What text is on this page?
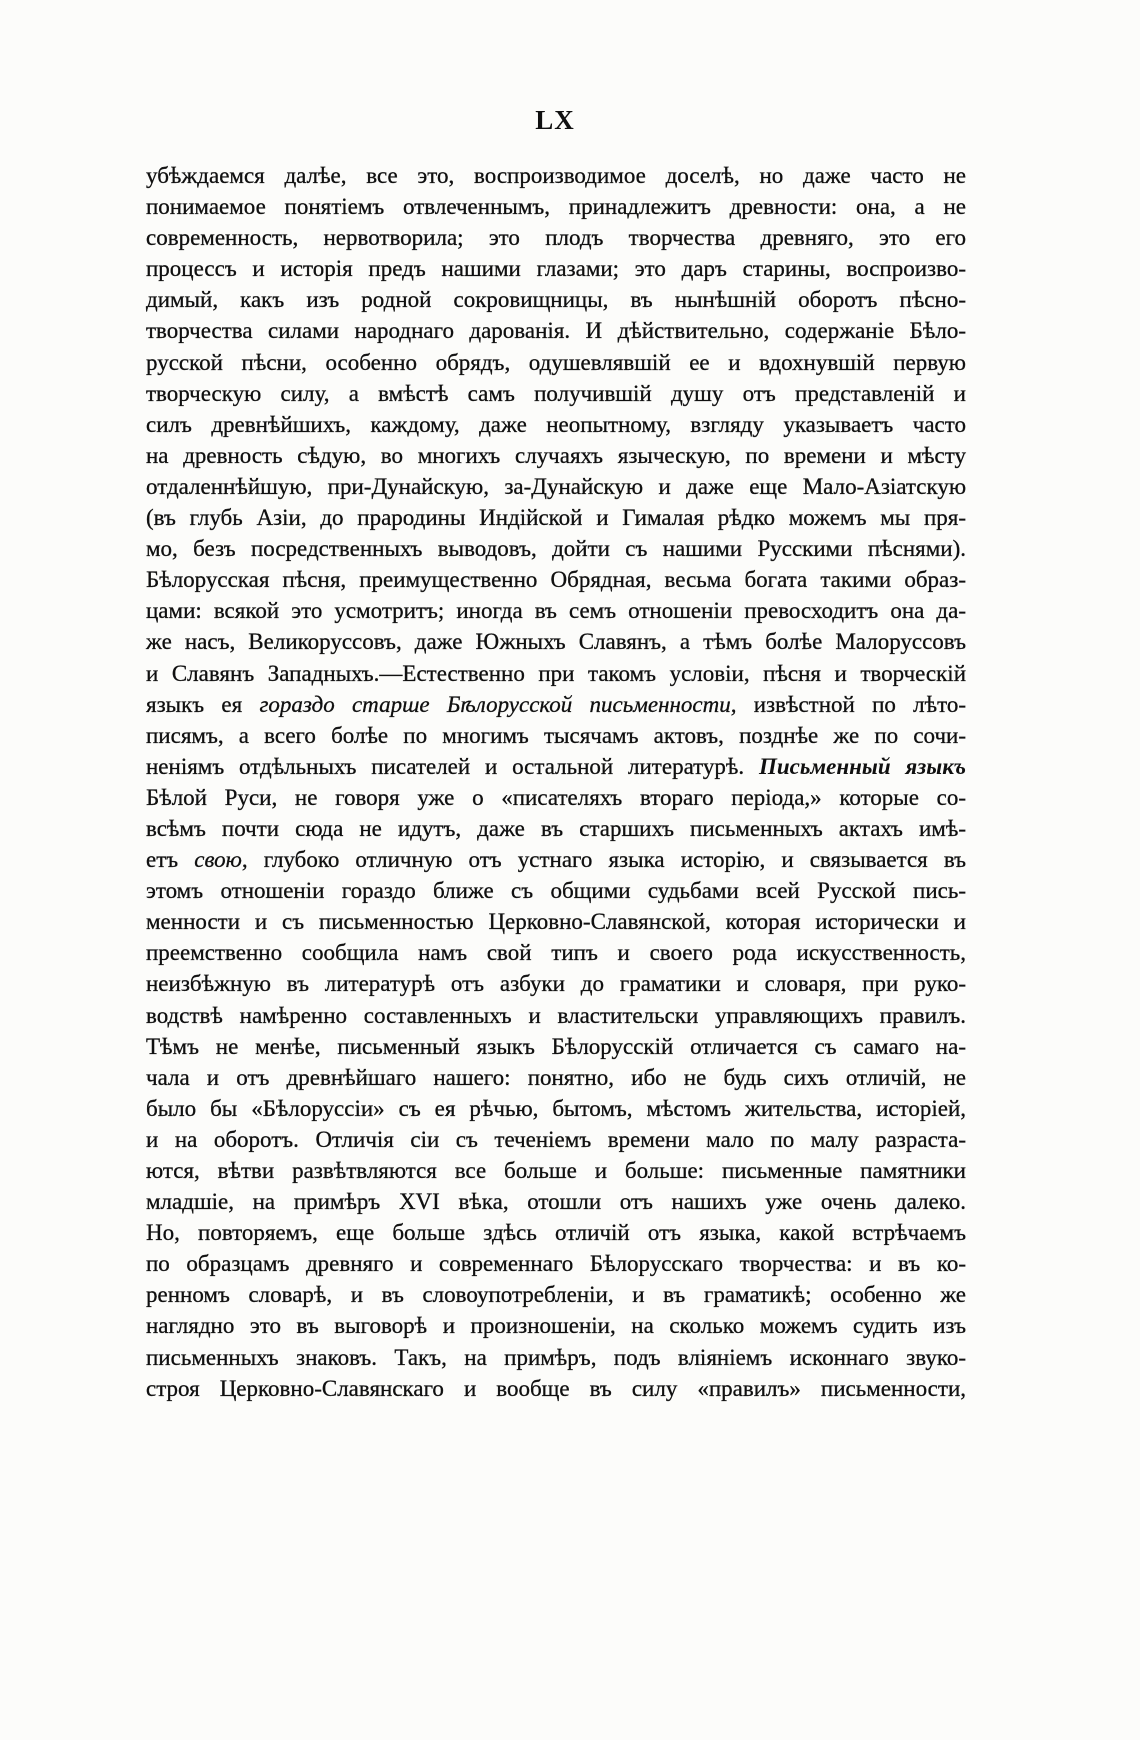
LX
убѣждаемся далѣе, все это, воспроизводимое доселѣ, но даже часто не
понимаемое понятіемъ отвлеченнымъ, принадлежитъ древности: она, а не
современность, нервотворила; это плодъ творчества древняго, это его
процессъ и исторія предъ нашими глазами; это даръ старины, воспроизво-
димый, какъ изъ родной сокровищницы, въ нынѣшній оборотъ пѣсно-
творчества силами народнаго дарованія. И дѣйствительно, содержаніе Бѣло-
русской пѣсни, особенно обрядъ, одушевлявшій ее и вдохнувшій первую
творческую силу, а вмѣстѣ самъ получившій душу отъ представленій и
силъ древнѣйшихъ, каждому, даже неопытному, взгляду указываетъ часто
на древность сѣдую, во многихъ случаяхъ языческую, по времени и мѣсту
отдаленнѣйшую, при-Дунайскую, за-Дунайскую и даже еще Мало-Азіатскую
(въ глубь Азіи, до прародины Индійской и Гималая рѣдко можемъ мы пря-
мо, безъ посредственныхъ выводовъ, дойти съ нашими Русскими пѣснями).
Бѣлорусская пѣсня, преимущественно Обрядная, весьма богата такими образ-
цами: всякой это усмотритъ; иногда въ семъ отношеніи превосходитъ она да-
же насъ, Великоруссовъ, даже Южныхъ Славянъ, а тѣмъ болѣе Малоруссовъ
и Славянъ Западныхъ.—Естественно при такомъ условіи, пѣсня и творческій
языкъ ея гораздо старше Бѣлорусской письменности, извѣстной по лѣто-
писямъ, а всего болѣе по многимъ тысячамъ актовъ, позднѣе же по сочи-
неніямъ отдѣльныхъ писателей и остальной литературѣ. Письменный языкъ
Бѣлой Руси, не говоря уже о «писателяхъ втораго періода,» которые со-
всѣмъ почти сюда не идутъ, даже въ старшихъ письменныхъ актахъ имѣ-
етъ свою, глубоко отличную отъ устнаго языка исторію, и связывается въ
этомъ отношеніи гораздо ближе съ общими судьбами всей Русской пись-
менности и съ письменностью Церковно-Славянской, которая исторически и
преемственно сообщила намъ свой типъ и своего рода искусственность,
неизбѣжную въ литературѣ отъ азбуки до граматики и словаря, при руко-
водствѣ намѣренно составленныхъ и властительски управляющихъ правилъ.
Тѣмъ не менѣе, письменный языкъ Бѣлорусскій отличается съ самаго на-
чала и отъ древнѣйшаго нашего: понятно, ибо не будь сихъ отличій, не
было бы «Бѣлоруссіи» съ ея рѣчью, бытомъ, мѣстомъ жительства, исторіей,
и на оборотъ. Отличія сіи съ теченіемъ времени мало по малу разраста-
ются, вѣтви развѣтвляются все больше и больше: письменные памятники
младшіе, на примѣръ XVI вѣка, отошли отъ нашихъ уже очень далеко.
Но, повторяемъ, еще больше здѣсь отличій отъ языка, какой встрѣчаемъ
по образцамъ древняго и современнаго Бѣлорусскаго творчества: и въ ко-
ренномъ словарѣ, и въ словоупотребленіи, и въ граматикѣ; особенно же
наглядно это въ выговорѣ и произношеніи, на сколько можемъ судить изъ
письменныхъ знаковъ. Такъ, на примѣръ, подъ вліяніемъ исконнаго звуко-
строя Церковно-Славянскаго и вообще въ силу «правилъ» письменности,
